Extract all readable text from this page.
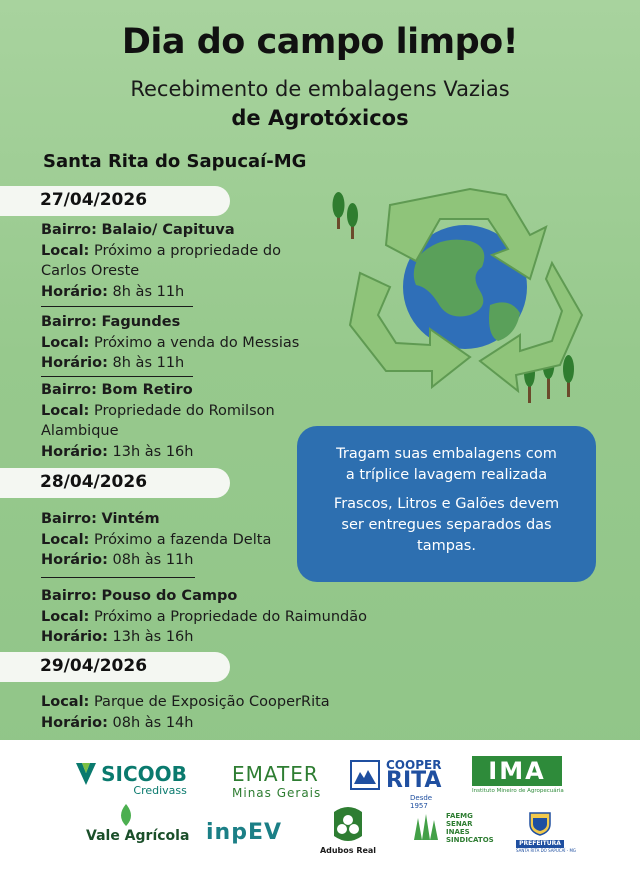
Dia do campo limpo!
Recebimento de embalagens Vazias
de Agrotóxicos
Santa Rita do Sapucaí-MG
27/04/2026
Bairro: Balaio/ Capituva
Local: Próximo a propriedade do
Carlos Oreste
Horário: 8h às 11h
Bairro: Fagundes
Local: Próximo a venda do Messias
Horário: 8h às 11h
Bairro: Bom Retiro
Local: Propriedade do Romilson
Alambique
Horário: 13h às 16h
28/04/2026
Bairro: Vintém
Local: Próximo a fazenda Delta
Horário: 08h às 11h
Bairro: Pouso do Campo
Local: Próximo a Propriedade do Raimundão
Horário: 13h às 16h
29/04/2026
Local: Parque de Exposição CooperRita
Horário: 08h às 14h

Tragam suas embalagens com

a tríplice lavagem realizada

Frascos, Litros e Galões devem

ser entregues separados das

tampas.

SICOOB
Credivass
EMATER
Minas Gerais
COOPER
RITA
Desde 1957
IMA
Instituto Mineiro de Agropecuária
Vale Agrícola inpEV
Adubos Real
FAEMG
SENAR
INAES
SINDICATOS	PREFEITURA
SANTA RITA DO SAPUCAÍ - MG
